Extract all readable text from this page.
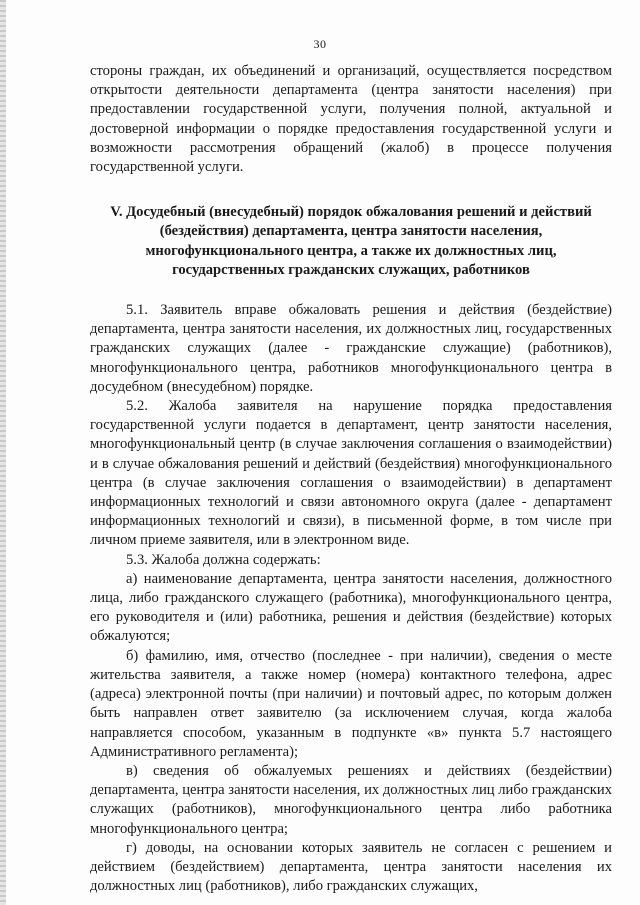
30

стороны граждан, их объединений и организаций, осуществляется посредством открытости деятельности департамента (центра занятости населения) при предоставлении государственной услуги, получения полной, актуальной и достоверной информации о порядке предоставления государственной услуги и возможности рассмотрения обращений (жалоб) в процессе получения государственной услуги.

V. Досудебный (внесудебный) порядок обжалования решений и действий (бездействия) департамента, центра занятости населения, многофункционального центра, а также их должностных лиц, государственных гражданских служащих, работников

5.1. Заявитель вправе обжаловать решения и действия (бездействие) департамента, центра занятости населения, их должностных лиц, государственных гражданских служащих (далее - гражданские служащие) (работников), многофункционального центра, работников многофункционального центра в досудебном (внесудебном) порядке.

5.2. Жалоба заявителя на нарушение порядка предоставления государственной услуги подается в департамент, центр занятости населения, многофункциональный центр (в случае заключения соглашения о взаимодействии) и в случае обжалования решений и действий (бездействия) многофункционального центра (в случае заключения соглашения о взаимодействии) в департамент информационных технологий и связи автономного округа (далее - департамент информационных технологий и связи), в письменной форме, в том числе при личном приеме заявителя, или в электронном виде.

5.3. Жалоба должна содержать:

а) наименование департамента, центра занятости населения, должностного лица, либо гражданского служащего (работника), многофункционального центра, его руководителя и (или) работника, решения и действия (бездействие) которых обжалуются;

б) фамилию, имя, отчество (последнее - при наличии), сведения о месте жительства заявителя, а также номер (номера) контактного телефона, адрес (адреса) электронной почты (при наличии) и почтовый адрес, по которым должен быть направлен ответ заявителю (за исключением случая, когда жалоба направляется способом, указанным в подпункте «в» пункта 5.7 настоящего Административного регламента);

в) сведения об обжалуемых решениях и действиях (бездействии) департамента, центра занятости населения, их должностных лиц либо гражданских служащих (работников), многофункционального центра либо работника многофункционального центра;

г) доводы, на основании которых заявитель не согласен с решением и действием (бездействием) департамента, центра занятости населения их должностных лиц (работников), либо гражданских служащих,
